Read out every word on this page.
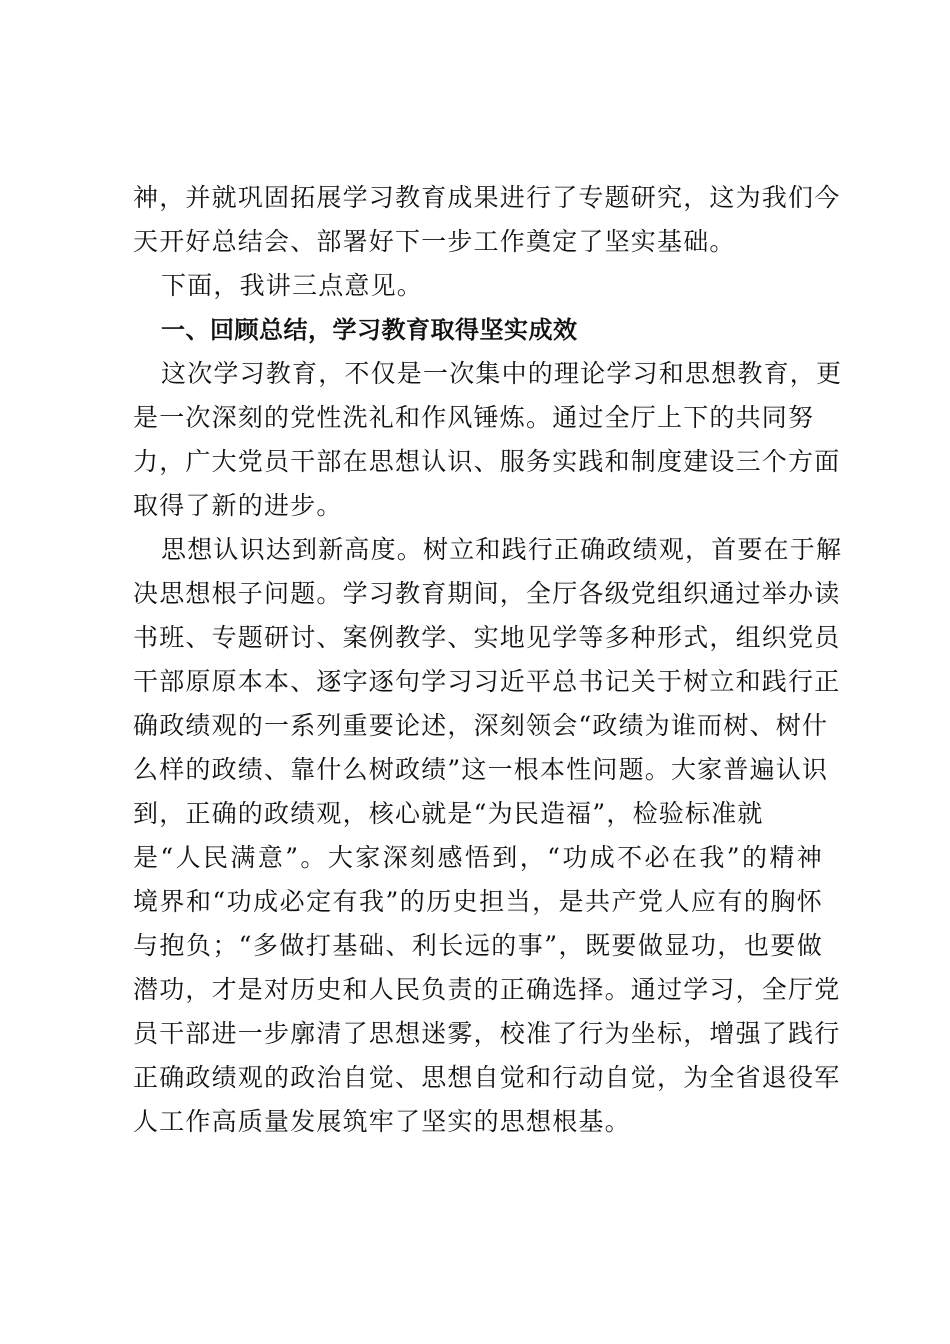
神，并就巩固拓展学习教育成果进行了专题研究，这为我们今
天开好总结会、部署好下一步工作奠定了坚实基础。
下面，我讲三点意见。
一、回顾总结，学习教育取得坚实成效
这次学习教育，不仅是一次集中的理论学习和思想教育，更
是一次深刻的党性洗礼和作风锤炼。通过全厅上下的共同努
力，广大党员干部在思想认识、服务实践和制度建设三个方面
取得了新的进步。
思想认识达到新高度。树立和践行正确政绩观，首要在于解
决思想根子问题。学习教育期间，全厅各级党组织通过举办读
书班、专题研讨、案例教学、实地见学等多种形式，组织党员
干部原原本本、逐字逐句学习习近平总书记关于树立和践行正
确政绩观的一系列重要论述，深刻领会“政绩为谁而树、树什
么样的政绩、靠什么树政绩”这一根本性问题。大家普遍认识
到，正确的政绩观，核心就是“为民造福”，检验标准就
是“人民满意”。大家深刻感悟到，“功成不必在我”的精神
境界和“功成必定有我”的历史担当，是共产党人应有的胸怀
与抱负；“多做打基础、利长远的事”，既要做显功，也要做
潜功，才是对历史和人民负责的正确选择。通过学习，全厅党
员干部进一步廓清了思想迷雾，校准了行为坐标，增强了践行
正确政绩观的政治自觉、思想自觉和行动自觉，为全省退役军
人工作高质量发展筑牢了坚实的思想根基。
